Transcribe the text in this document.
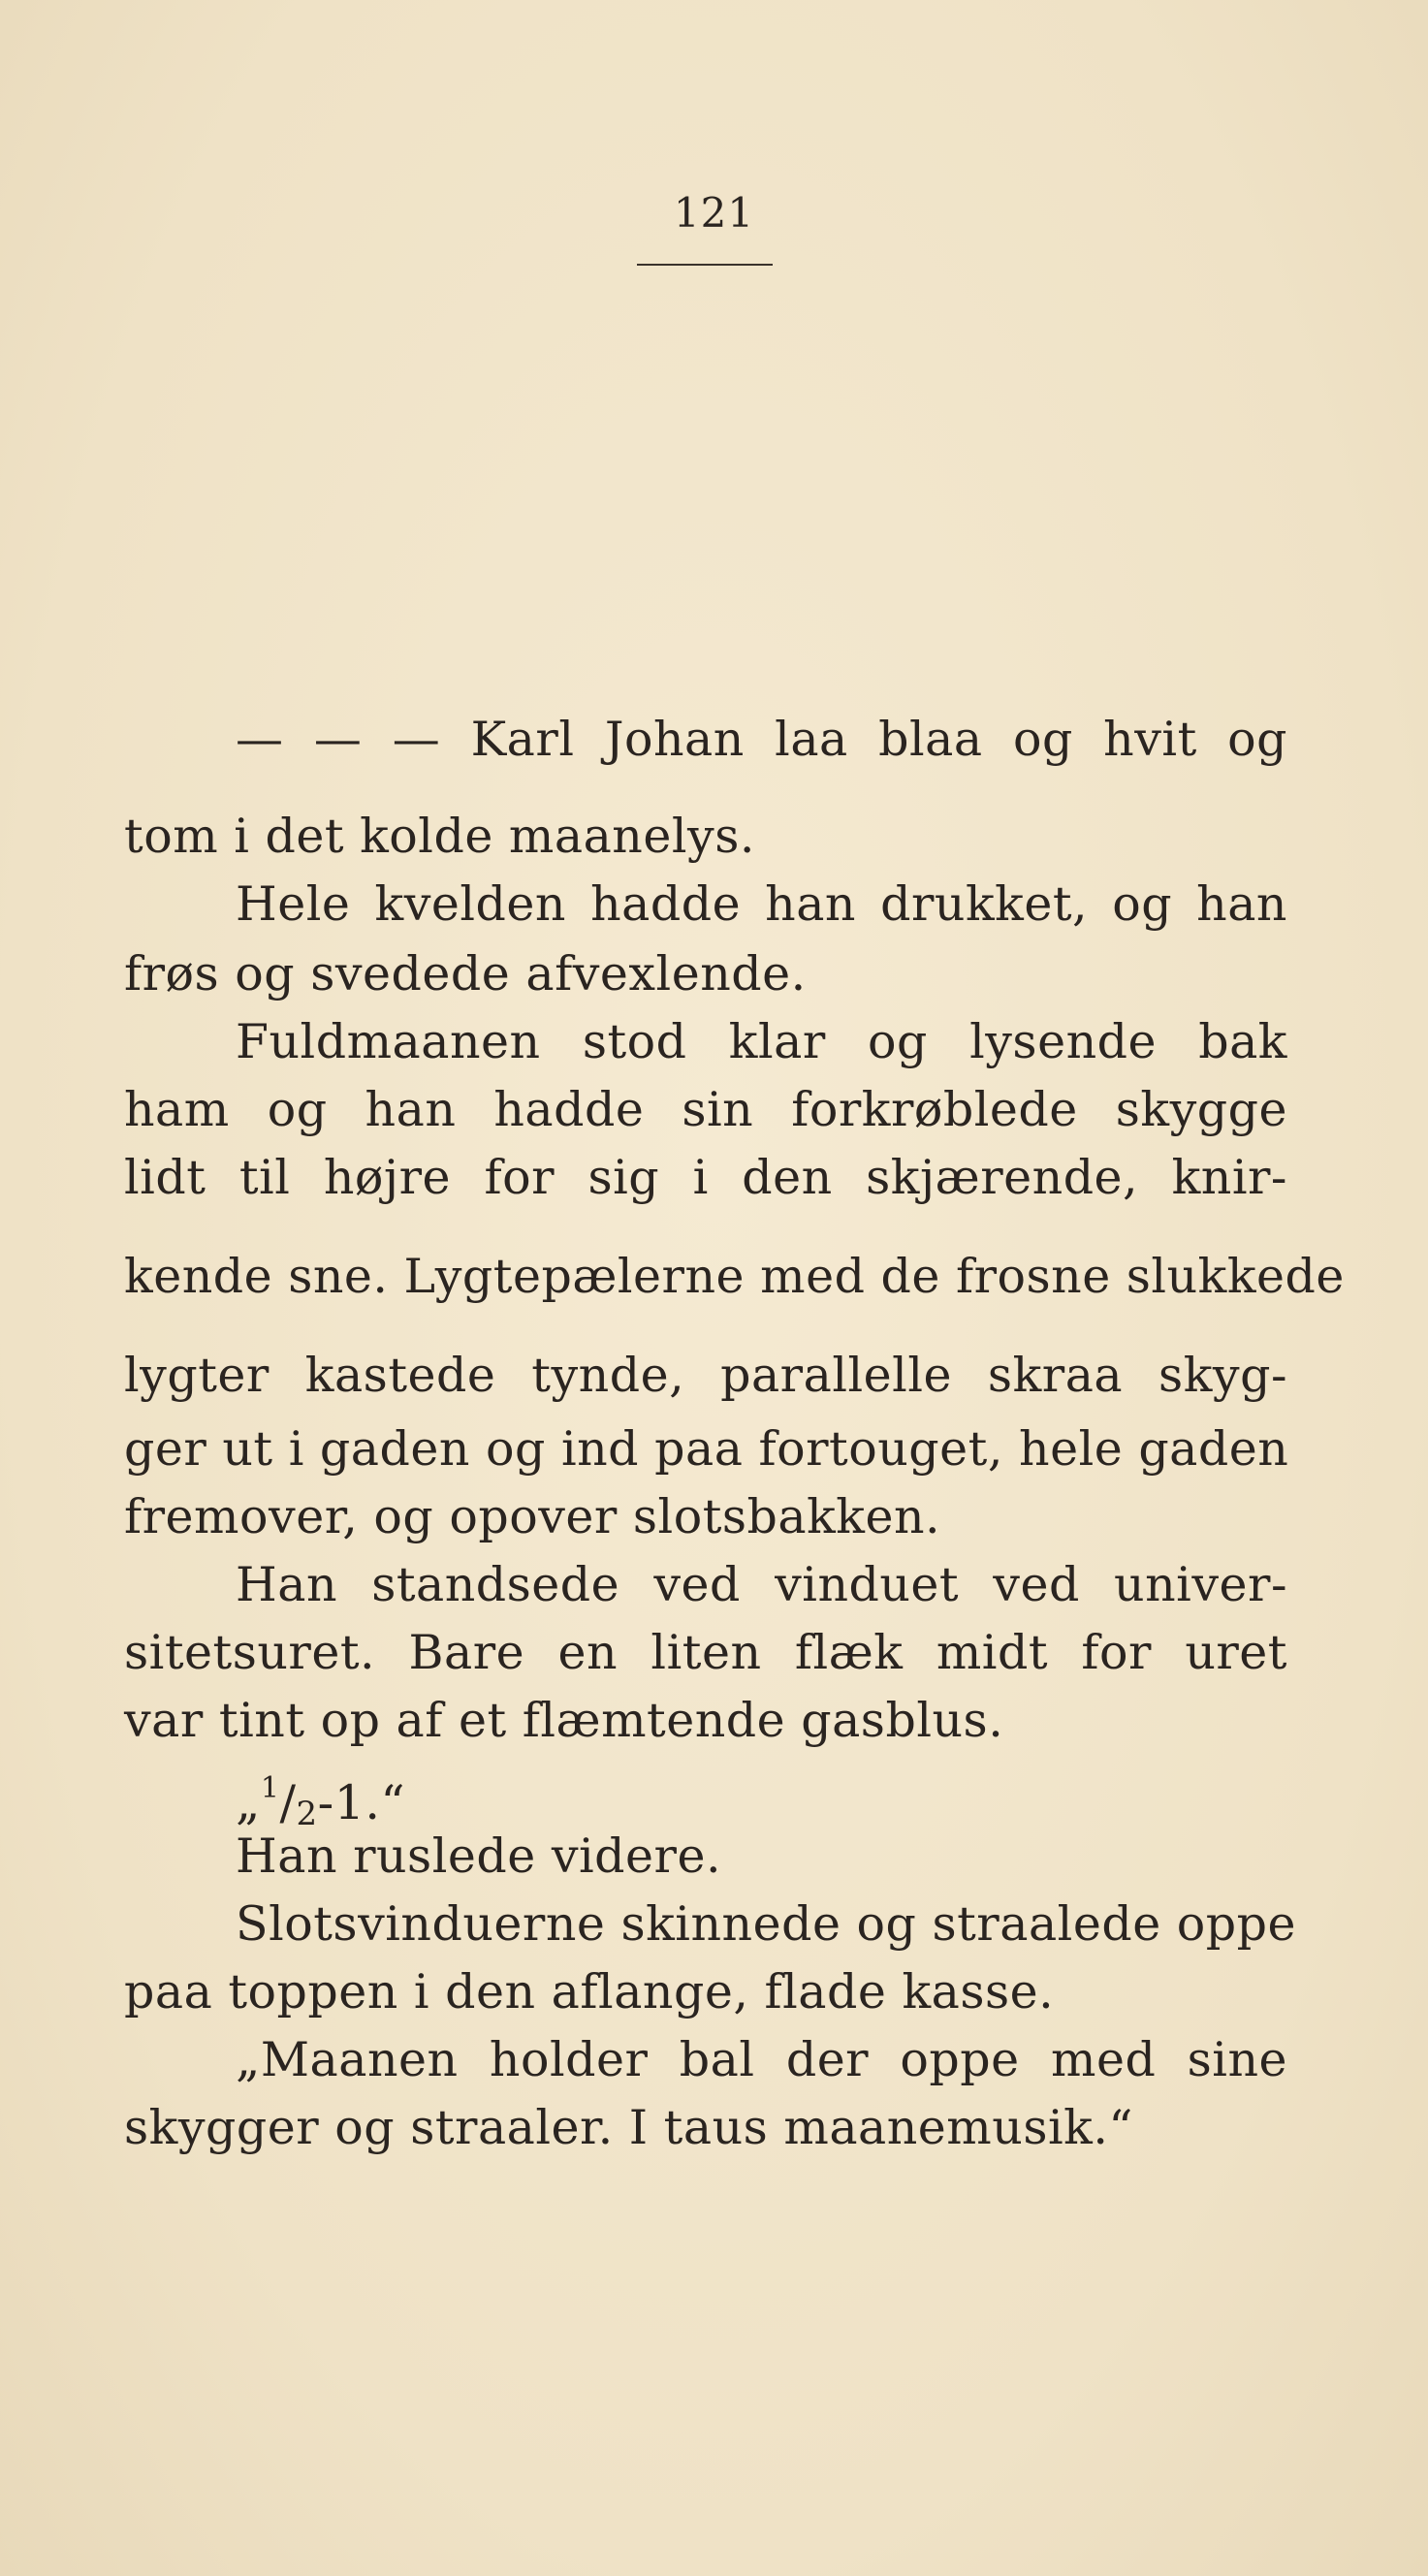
121
— — — Karl Johan laa blaa og hvit og
tom i det kolde maanelys.
Hele kvelden hadde han drukket, og han
frøs og svedede afvexlende.
Fuldmaanen stod klar og lysende bak
ham og han hadde sin forkrøblede skygge
lidt til højre for sig i den skjærende, knir-
kende sne. Lygtepælerne med de frosne slukkede
lygter kastede tynde, parallelle skraa skyg-
ger ut i gaden og ind paa fortouget, hele gaden
fremover, og opover slotsbakken.
Han standsede ved vinduet ved univer-
sitetsuret. Bare en liten flæk midt for uret
var tint op af et flæmtende gasblus.
„$^1$/2-1.“
Han ruslede videre.
Slotsvinduerne skinnede og straalede oppe
paa toppen i den aflange, flade kasse.
„Maanen holder bal der oppe med sine
skygger og straaler. I taus maanemusik.“
